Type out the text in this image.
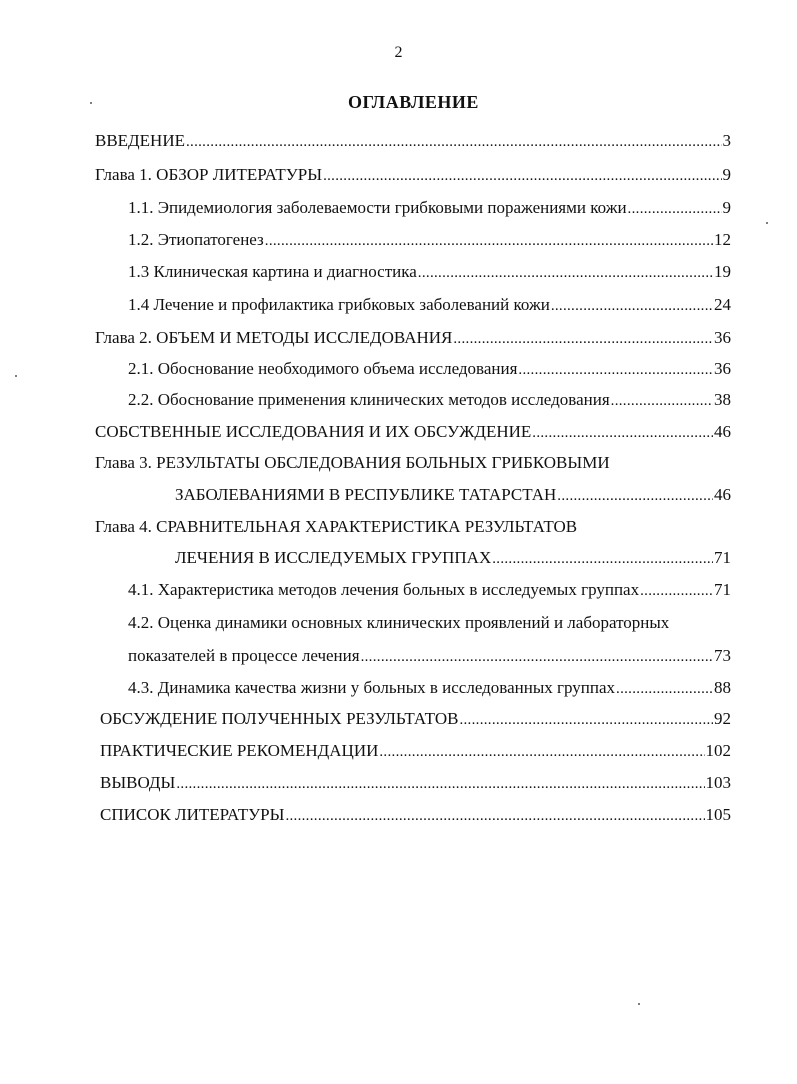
2
ОГЛАВЛЕНИЕ
ВВЕДЕНИЕ .....	3
Глава 1. ОБЗОР ЛИТЕРАТУРЫ .....	9
1.1. Эпидемиология заболеваемости грибковыми поражениями кожи .....	9
1.2. Этиопатогенез .....	12
1.3 Клиническая картина и диагностика .....	19
1.4 Лечение и профилактика грибковых заболеваний кожи .....	24
Глава 2. ОБЪЕМ И МЕТОДЫ ИССЛЕДОВАНИЯ .....	36
2.1. Обоснование необходимого объема исследования .....	36
2.2. Обоснование применения клинических методов исследования .....	38
СОБСТВЕННЫЕ ИССЛЕДОВАНИЯ И ИХ ОБСУЖДЕНИЕ .....	46
Глава 3. РЕЗУЛЬТАТЫ ОБСЛЕДОВАНИЯ БОЛЬНЫХ ГРИБКОВЫМИ
ЗАБОЛЕВАНИЯМИ В РЕСПУБЛИКЕ ТАТАРСТАН .....	46
Глава 4. СРАВНИТЕЛЬНАЯ ХАРАКТЕРИСТИКА РЕЗУЛЬТАТОВ
ЛЕЧЕНИЯ В ИССЛЕДУЕМЫХ ГРУППАХ .....	71
4.1. Характеристика методов лечения больных в исследуемых группах .....	71
4.2. Оценка динамики основных клинических проявлений и лабораторных
показателей в процессе лечения .....	73
4.3. Динамика качества жизни у больных в исследованных группах .....	88
ОБСУЖДЕНИЕ ПОЛУЧЕННЫХ РЕЗУЛЬТАТОВ .....	92
ПРАКТИЧЕСКИЕ РЕКОМЕНДАЦИИ .....	102
ВЫВОДЫ .....	103
СПИСОК ЛИТЕРАТУРЫ .....	105
